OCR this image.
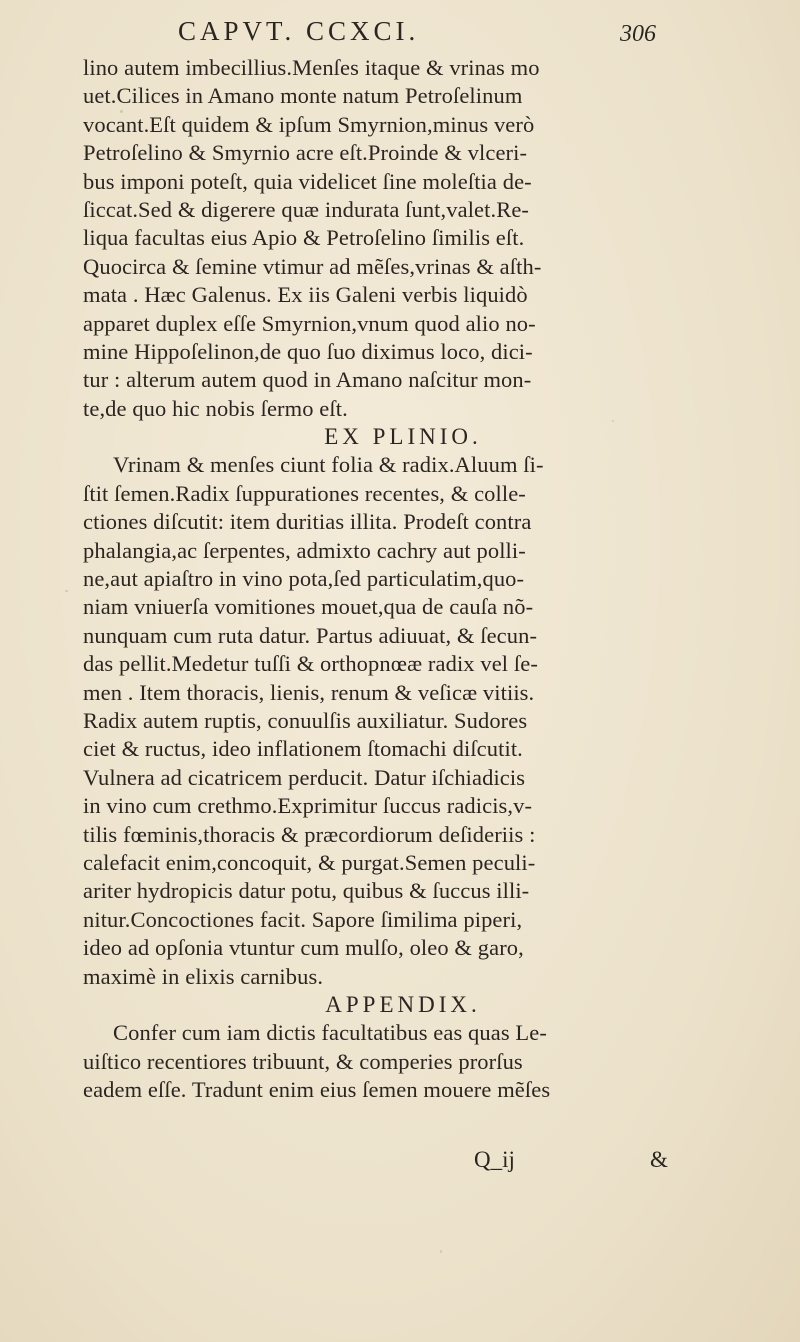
CAPVT. CCXCI.	306
lino autem imbecillius.Menſes itaque & vrinas mo
uet.Cilices in Amano monte natum Petroſelinum
vocant.Eſt quidem & ipſum Smyrnion,minus verò
Petroſelino & Smyrnio acre eſt.Proinde & vlceri-
bus imponi poteſt, quia videlicet ſine moleſtia de-
ſiccat.Sed & digerere quæ indurata ſunt,valet.Re-
liqua facultas eius Apio & Petroſelino ſimilis eſt.
Quocirca & ſemine vtimur ad mẽſes,vrinas & aſth-
mata . Hæc Galenus. Ex iis Galeni verbis liquidò
apparet duplex eſſe Smyrnion,vnum quod alio no-
mine Hippoſelinon,de quo ſuo diximus loco, dici-
tur : alterum autem quod in Amano naſcitur mon-
te,de quo hic nobis ſermo eſt.
EX PLINIO.
Vrinam & menſes ciunt folia & radix.Aluum ſi-
ſtit ſemen.Radix ſuppurationes recentes, & colle-
ctiones diſcutit: item duritias illita. Prodeſt contra
phalangia,ac ſerpentes, admixto cachry aut polli-
ne,aut apiaſtro in vino pota,ſed particulatim,quo-
niam vniuerſa vomitiones mouet,qua de cauſa nõ-
nunquam cum ruta datur. Partus adiuuat, & ſecun-
das pellit.Medetur tuſſi & orthopnœæ radix vel ſe-
men . Item thoracis, lienis, renum & veſicæ vitiis.
Radix autem ruptis, conuulſis auxiliatur. Sudores
ciet & ructus, ideo inflationem ſtomachi diſcutit.
Vulnera ad cicatricem perducit. Datur iſchiadicis
in vino cum crethmo.Exprimitur ſuccus radicis,v-
tilis fœminis,thoracis & præcordiorum deſideriis :
calefacit enim,concoquit, & purgat.Semen peculi-
ariter hydropicis datur potu, quibus & ſuccus illi-
nitur.Concoctiones facit. Sapore ſimilima piperi,
ideo ad opſonia vtuntur cum mulſo, oleo & garo,
maximè in elixis carnibus.
APPENDIX.
Confer cum iam dictis facultatibus eas quas Le-
uiſtico recentiores tribuunt, & comperies prorſus
eadem eſſe. Tradunt enim eius ſemen mouere mẽſes
Q_ij	&
